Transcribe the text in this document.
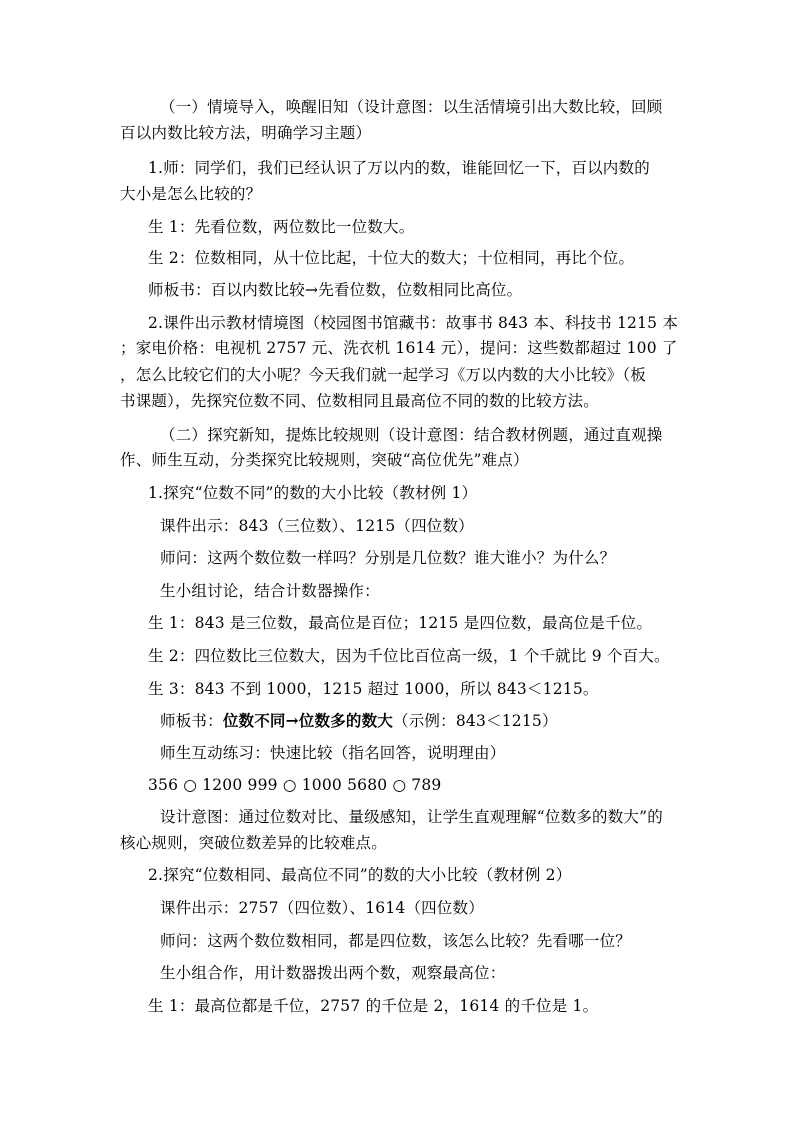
（一）情境导入，唤醒旧知（设计意图：以生活情境引出大数比较，回顾
百以内数比较方法，明确学习主题）
1.师：同学们，我们已经认识了万以内的数，谁能回忆一下，百以内数的
大小是怎么比较的？
生 1：先看位数，两位数比一位数大。
生 2：位数相同，从十位比起，十位大的数大；十位相同，再比个位。
师板书：百以内数比较→先看位数，位数相同比高位。
2.课件出示教材情境图（校园图书馆藏书：故事书 843 本、科技书 1215 本
；家电价格：电视机 2757 元、洗衣机 1614 元），提问：这些数都超过 100 了
，怎么比较它们的大小呢？今天我们就一起学习《万以内数的大小比较》（板
书课题），先探究位数不同、位数相同且最高位不同的数的比较方法。
（二）探究新知，提炼比较规则（设计意图：结合教材例题，通过直观操
作、师生互动，分类探究比较规则，突破“高位优先”难点）
1.探究“位数不同”的数的大小比较（教材例 1）
课件出示：843（三位数）、1215（四位数）
师问：这两个数位数一样吗？分别是几位数？谁大谁小？为什么？
生小组讨论，结合计数器操作：
生 1：843 是三位数，最高位是百位；1215 是四位数，最高位是千位。
生 2：四位数比三位数大，因为千位比百位高一级，1 个千就比 9 个百大。
生 3：843 不到 1000，1215 超过 1000，所以 843＜1215。
师板书：位数不同→位数多的数大（示例：843＜1215）
师生互动练习：快速比较（指名回答，说明理由）
356 ○ 1200 999 ○ 1000 5680 ○ 789
设计意图：通过位数对比、量级感知，让学生直观理解“位数多的数大”的
核心规则，突破位数差异的比较难点。
2.探究“位数相同、最高位不同”的数的大小比较（教材例 2）
课件出示：2757（四位数）、1614（四位数）
师问：这两个数位数相同，都是四位数，该怎么比较？先看哪一位？
生小组合作，用计数器拨出两个数，观察最高位：
生 1：最高位都是千位，2757 的千位是 2，1614 的千位是 1。
